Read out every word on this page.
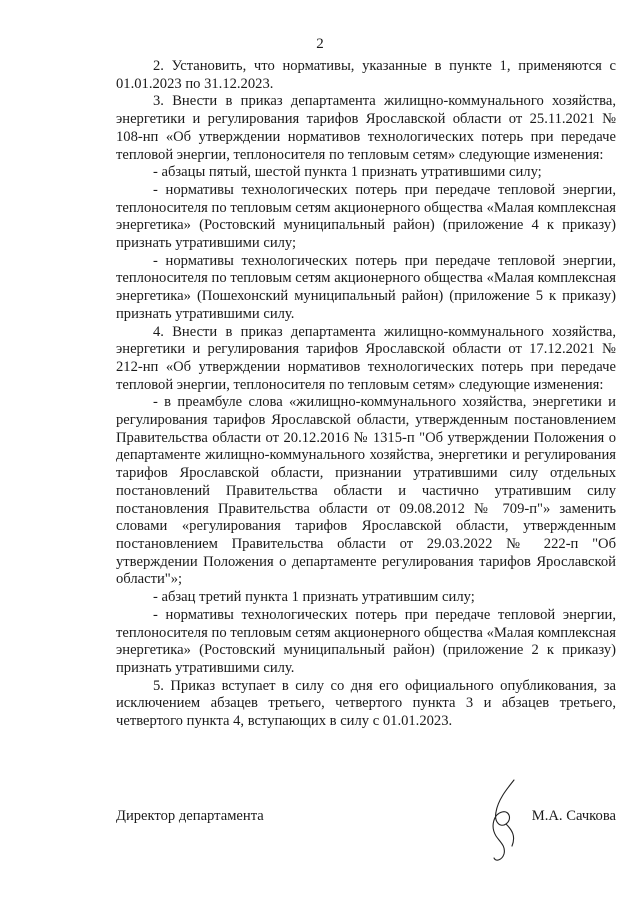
2

2. Установить, что нормативы, указанные в пункте 1, применяются с 01.01.2023 по 31.12.2023.

3. Внести в приказ департамента жилищно-коммунального хозяйства, энергетики и регулирования тарифов Ярославской области от 25.11.2021 № 108-нп «Об утверждении нормативов технологических потерь при передаче тепловой энергии, теплоносителя по тепловым сетям» следующие изменения:

- абзацы пятый, шестой пункта 1 признать утратившими силу;

- нормативы технологических потерь при передаче тепловой энергии, теплоносителя по тепловым сетям акционерного общества «Малая комплексная энергетика» (Ростовский муниципальный район) (приложение 4 к приказу) признать утратившими силу;

- нормативы технологических потерь при передаче тепловой энергии, теплоносителя по тепловым сетям акционерного общества «Малая комплексная энергетика» (Пошехонский муниципальный район) (приложение 5 к приказу) признать утратившими силу.

4. Внести в приказ департамента жилищно-коммунального хозяйства, энергетики и регулирования тарифов Ярославской области от 17.12.2021 № 212-нп «Об утверждении нормативов технологических потерь при передаче тепловой энергии, теплоносителя по тепловым сетям» следующие изменения:

- в преамбуле слова «жилищно-коммунального хозяйства, энергетики и регулирования тарифов Ярославской области, утвержденным постановлением Правительства области от 20.12.2016 № 1315-п "Об утверждении Положения о департаменте жилищно-коммунального хозяйства, энергетики и регулирования тарифов Ярославской области, признании утратившими силу отдельных постановлений Правительства области и частично утратившим силу постановления Правительства области от 09.08.2012 № 709-п"» заменить словами «регулирования тарифов Ярославской области, утвержденным постановлением Правительства области от 29.03.2022 № 222-п "Об утверждении Положения о департаменте регулирования тарифов Ярославской области"»;

- абзац третий пункта 1 признать утратившим силу;

- нормативы технологических потерь при передаче тепловой энергии, теплоносителя по тепловым сетям акционерного общества «Малая комплексная энергетика» (Ростовский муниципальный район) (приложение 2 к приказу) признать утратившими силу.

5. Приказ вступает в силу со дня его официального опубликования, за исключением абзацев третьего, четвертого пункта 3 и абзацев третьего, четвертого пункта 4, вступающих в силу с 01.01.2023.

Директор департамента	М.А. Сачкова
